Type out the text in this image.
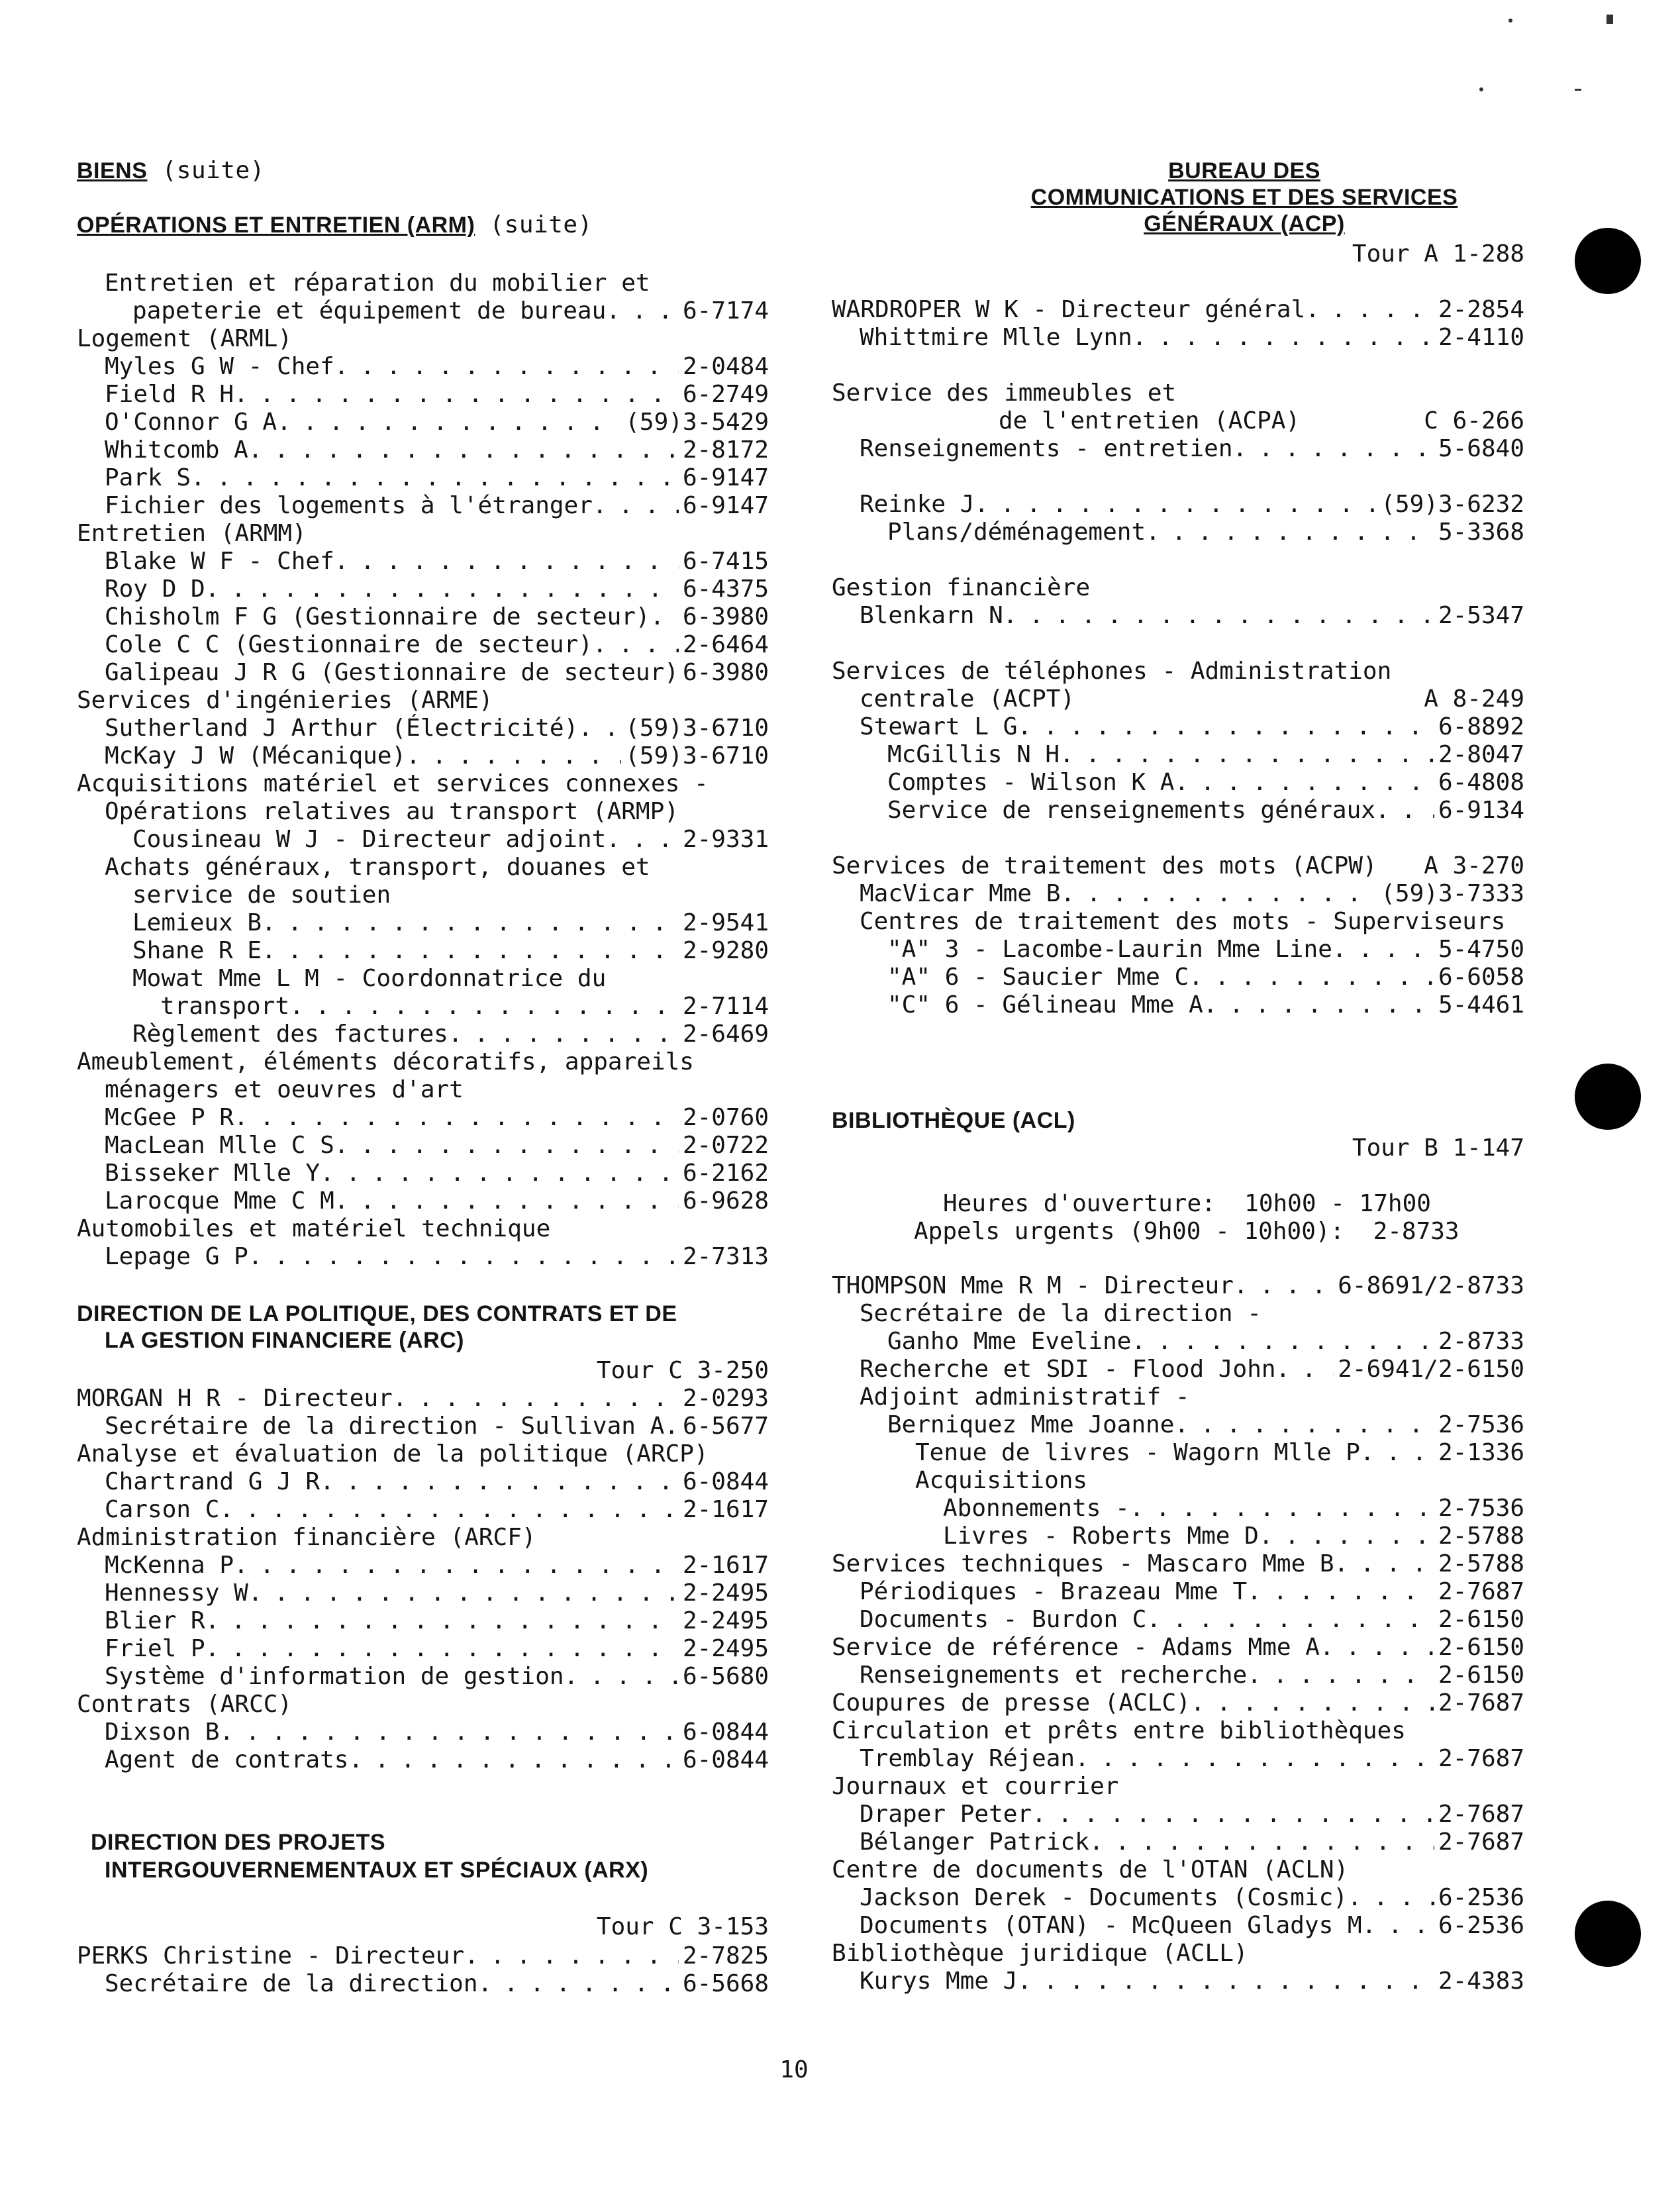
BIENS (suite)
OPÉRATIONS ET ENTRETIEN (ARM) (suite)
Entretien et réparation du mobilier et
papeterie et équipement de bureau . . .	6-7174
Logement (ARML)
Myles G W - Chef . . .	2-0484
Field R H . . .	6-2749
O'Connor G A . . .	(59)3-5429
Whitcomb A . . .	2-8172
Park S . . .	6-9147
Fichier des logements à l'étranger . . .	6-9147
Entretien (ARMM)
Blake W F - Chef . . .	6-7415
Roy D D . . .	6-4375
Chisholm F G (Gestionnaire de secteur) . . . 6-3980
Cole C C (Gestionnaire de secteur) . . .	2-6464
Galipeau J R G (Gestionnaire de secteur) 6-3980
Services d'ingénieries (ARME)
Sutherland J Arthur (Électricité) . . . (59)3-6710
McKay J W (Mécanique) . . .	(59)3-6710
Acquisitions matériel et services connexes -
Opérations relatives au transport (ARMP)
Cousineau W J - Directeur adjoint . . .	2-9331
Achats généraux, transport, douanes et
service de soutien
Lemieux B . . .	2-9541
Shane R E . . .	2-9280
Mowat Mme L M - Coordonnatrice du
transport . . .	2-7114
Règlement des factures . . .	2-6469
Ameublement, éléments décoratifs, appareils
ménagers et oeuvres d'art
McGee P R . . .	2-0760
MacLean Mlle C S . . .	2-0722
Bisseker Mlle Y . . .	6-2162
Larocque Mme C M . . .	6-9628
Automobiles et matériel technique
Lepage G P . . .	2-7313
DIRECTION DE LA POLITIQUE, DES CONTRATS ET DE
LA GESTION FINANCIERE (ARC)
Tour C 3-250
MORGAN H R - Directeur . . .	2-0293
Secrétaire de la direction - Sullivan A . . . 6-5677
Analyse et évaluation de la politique (ARCP)
Chartrand G J R . . .	6-0844
Carson C . . .	2-1617
Administration financière (ARCF)
McKenna P . . .	2-1617
Hennessy W . . .	2-2495
Blier R . . .	2-2495
Friel P . . .	2-2495
Système d'information de gestion . . .	6-5680
Contrats (ARCC)
Dixson B . . .	6-0844
Agent de contrats . . .	6-0844
DIRECTION DES PROJETS
INTERGOUVERNEMENTAUX ET SPÉCIAUX (ARX)
Tour C 3-153
PERKS Christine - Directeur . . .	2-7825
Secrétaire de la direction . . .	6-5668
BUREAU DES
COMMUNICATIONS ET DES SERVICES
GÉNÉRAUX (ACP)
Tour A 1-288
WARDROPER W K - Directeur général . . .	2-2854
Whittmire Mlle Lynn . . .	2-4110
Service des immeubles et
de l'entretien (ACPA)	C 6-266
Renseignements - entretien . . .	5-6840
Reinke J . . .	(59)3-6232
Plans/déménagement . . .	5-3368
Gestion financière
Blenkarn N . . .	2-5347
Services de téléphones - Administration
centrale (ACPT)	A 8-249
Stewart L G . . .	6-8892
McGillis N H . . .	2-8047
Comptes - Wilson K A . . .	6-4808
Service de renseignements généraux . . .	6-9134
Services de traitement des mots (ACPW)	A 3-270
MacVicar Mme B . . .	(59)3-7333
Centres de traitement des mots - Superviseurs
"A" 3 - Lacombe-Laurin Mme Line . . .	5-4750
"A" 6 - Saucier Mme C . . .	6-6058
"C" 6 - Gélineau Mme A . . .	5-4461
BIBLIOTHÈQUE (ACL)
Tour B 1-147
Heures d'ouverture:  10h00 - 17h00
Appels urgents (9h00 - 10h00):  2-8733
THOMPSON Mme R M - Directeur . . .	6-8691/2-8733
Secrétaire de la direction -
Ganho Mme Eveline . . .	2-8733
Recherche et SDI - Flood John . . .	2-6941/2-6150
Adjoint administratif -
Berniquez Mme Joanne . . .	2-7536
Tenue de livres - Wagorn Mlle P . . .	2-1336
Acquisitions
Abonnements - . . .	2-7536
Livres - Roberts Mme D . . .	2-5788
Services techniques - Mascaro Mme B . . .	2-5788
Périodiques - Brazeau Mme T . . .	2-7687
Documents - Burdon C . . .	2-6150
Service de référence - Adams Mme A . . .	2-6150
Renseignements et recherche . . .	2-6150
Coupures de presse (ACLC) . . .	2-7687
Circulation et prêts entre bibliothèques
Tremblay Réjean . . .	2-7687
Journaux et courrier
Draper Peter . . .	2-7687
Bélanger Patrick . . .	2-7687
Centre de documents de l'OTAN (ACLN)
Jackson Derek - Documents (Cosmic) . . .	6-2536
Documents (OTAN) - McQueen Gladys M . . .	6-2536
Bibliothèque juridique (ACLL)
Kurys Mme J . . .	2-4383
10
